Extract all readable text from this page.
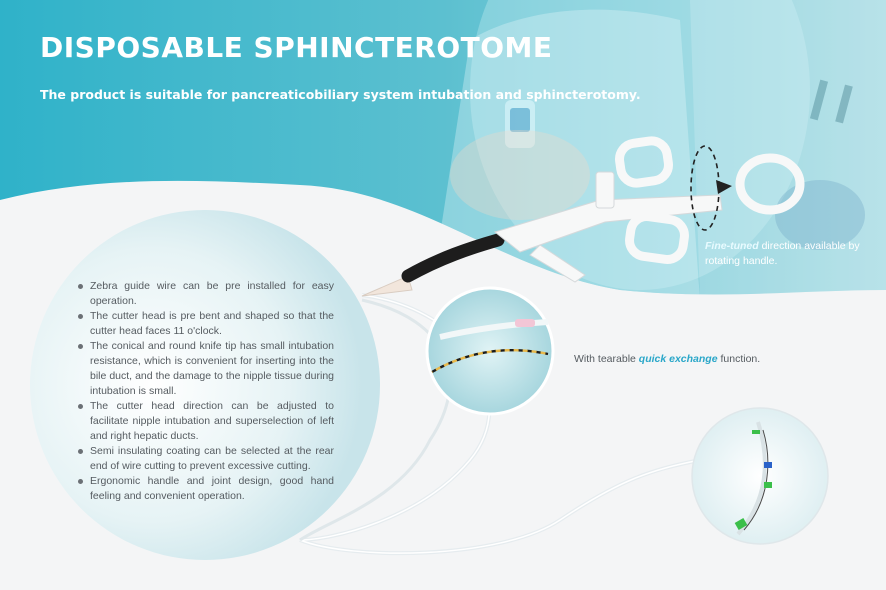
DISPOSABLE SPHINCTEROTOME

The product is suitable for pancreaticobiliary system intubation and sphincterotomy.

Zebra guide wire can be pre installed for easy operation.
The cutter head is pre bent and shaped so that the cutter head faces 11 o'clock.
The conical and round knife tip has small intubation resistance, which is convenient for inserting into the bile duct, and the damage to the nipple tissue during intubation is small.
The cutter head direction can be adjusted to facilitate nipple intubation and superselection of left and right hepatic ducts.
Semi insulating coating can be selected at the rear end of wire cutting to prevent excessive cutting.
Ergonomic handle and joint design, good hand feeling and convenient operation.
Fine-tuned direction available by rotating handle.
With tearable quick exchange function.
